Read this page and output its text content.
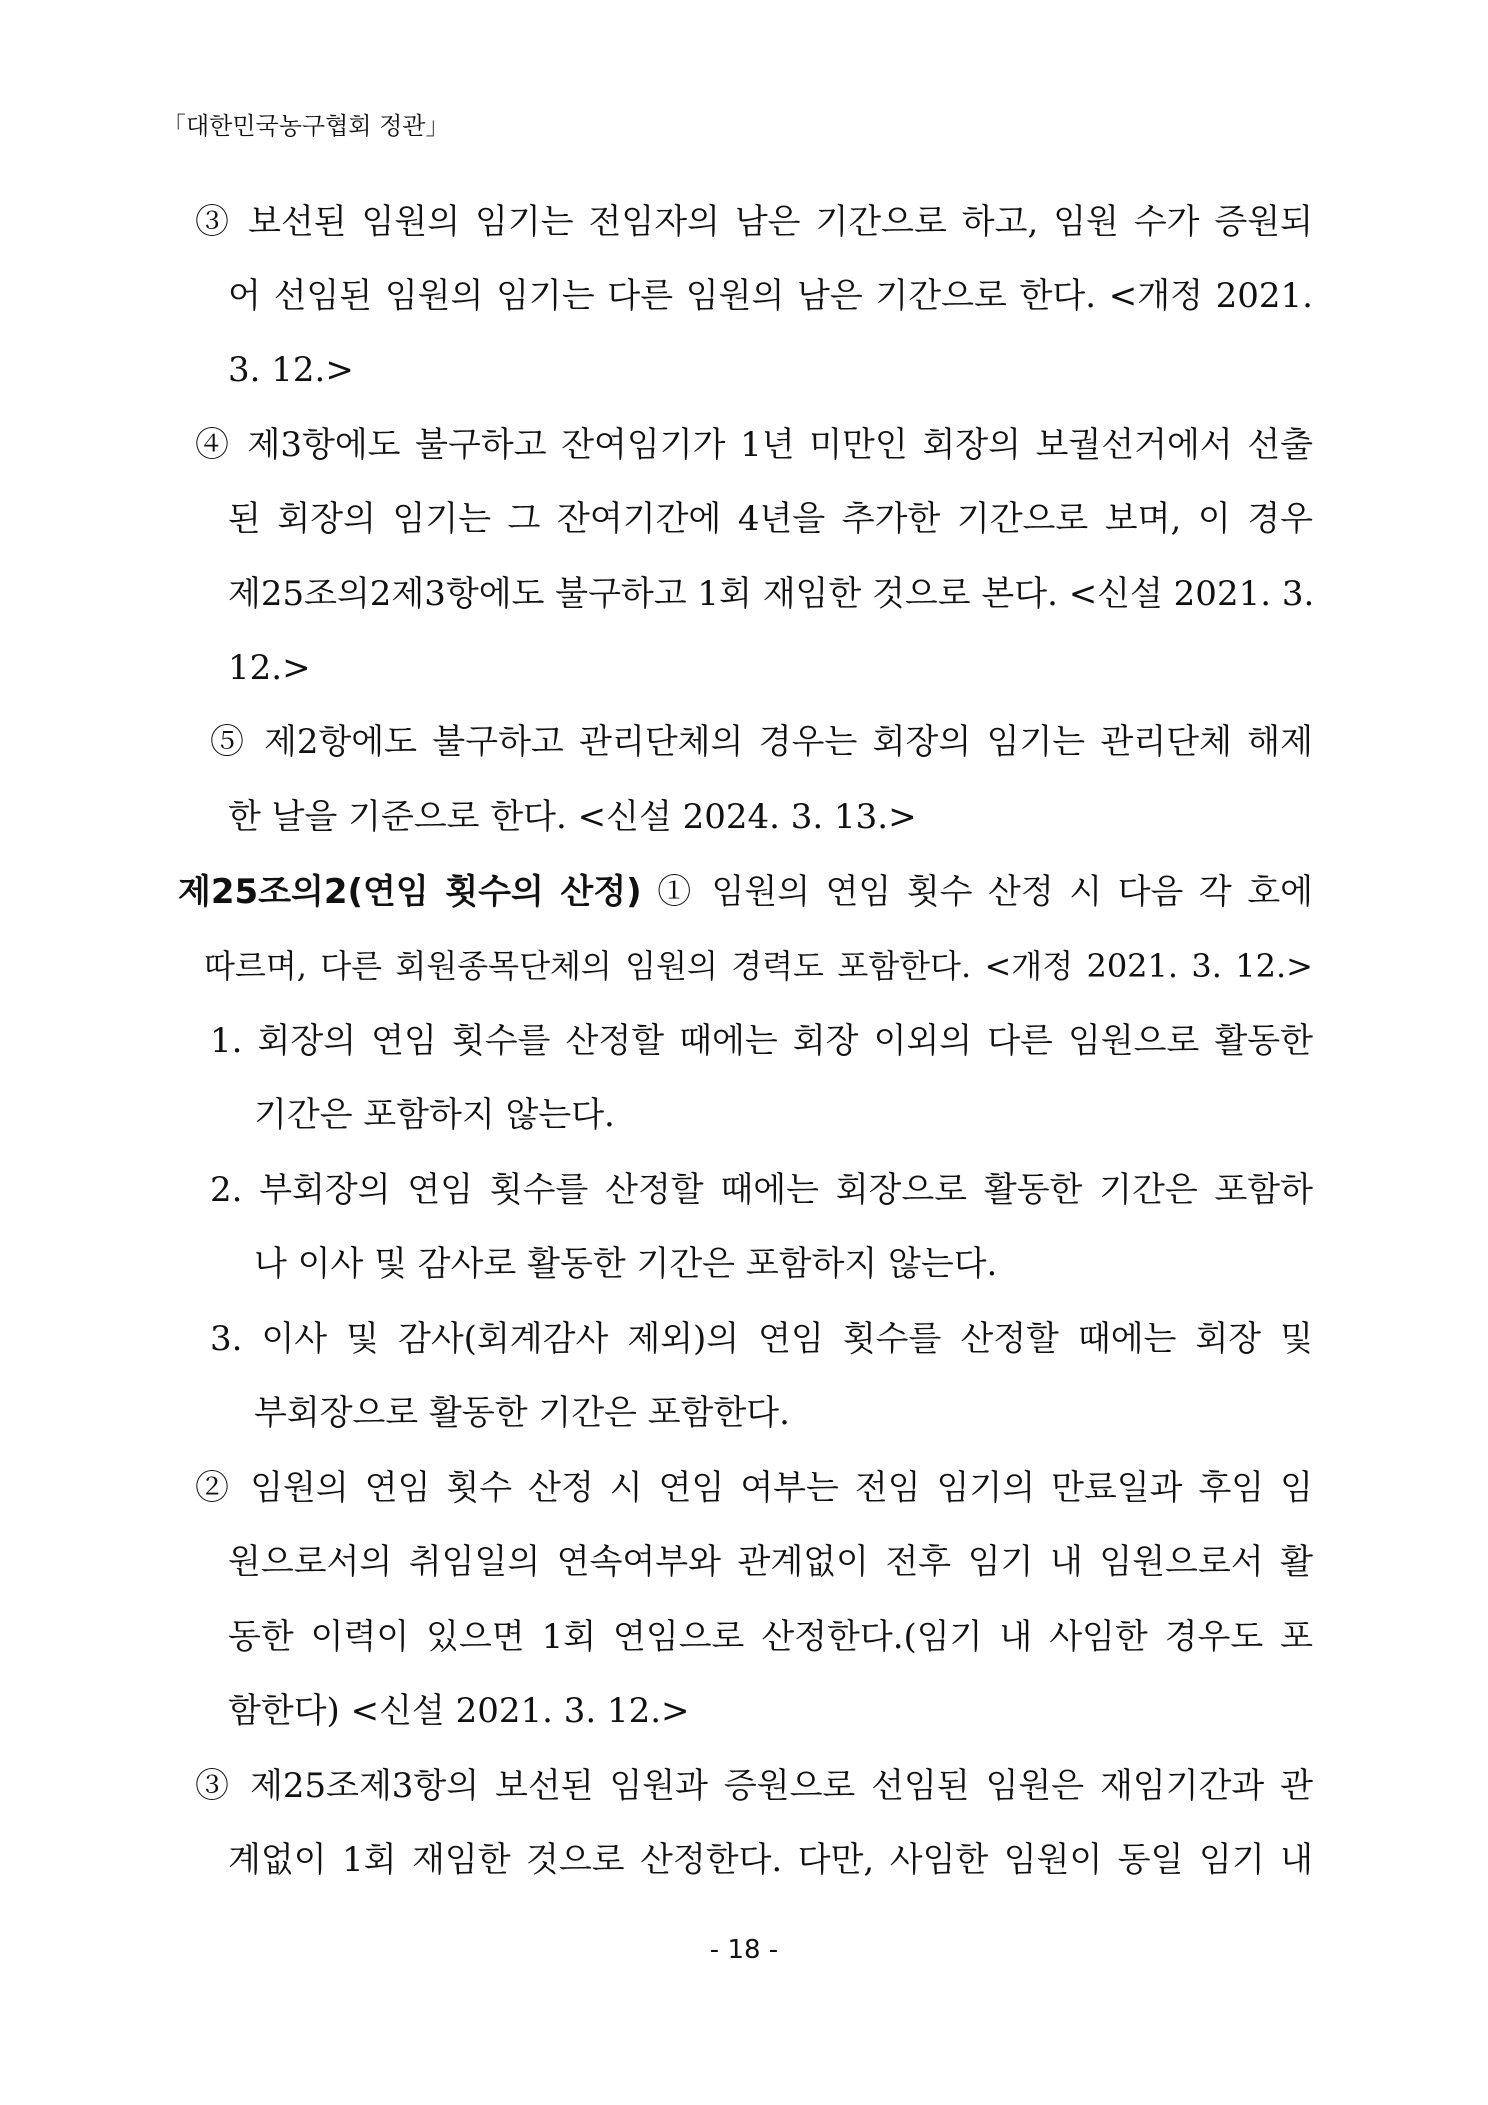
「대한민국농구협회 정관」
③ 보선된 임원의 임기는 전임자의 남은 기간으로 하고, 임원 수가 증원되
어 선임된 임원의 임기는 다른 임원의 남은 기간으로 한다. <개정 2021.
3. 12.>
④ 제3항에도 불구하고 잔여임기가 1년 미만인 회장의 보궐선거에서 선출
된 회장의 임기는 그 잔여기간에 4년을 추가한 기간으로 보며, 이 경우
제25조의2제3항에도 불구하고 1회 재임한 것으로 본다. <신설 2021. 3.
12.>
⑤ 제2항에도 불구하고 관리단체의 경우는 회장의 임기는 관리단체 해제
한 날을 기준으로 한다. <신설 2024. 3. 13.>
제25조의2(연임 횟수의 산정) ① 임원의 연임 횟수 산정 시 다음 각 호에
따르며, 다른 회원종목단체의 임원의 경력도 포함한다. <개정 2021. 3. 12.>
1. 회장의 연임 횟수를 산정할 때에는 회장 이외의 다른 임원으로 활동한
기간은 포함하지 않는다.
2. 부회장의 연임 횟수를 산정할 때에는 회장으로 활동한 기간은 포함하
나 이사 및 감사로 활동한 기간은 포함하지 않는다.
3. 이사 및 감사(회계감사 제외)의 연임 횟수를 산정할 때에는 회장 및
부회장으로 활동한 기간은 포함한다.
② 임원의 연임 횟수 산정 시 연임 여부는 전임 임기의 만료일과 후임 임
원으로서의 취임일의 연속여부와 관계없이 전후 임기 내 임원으로서 활
동한 이력이 있으면 1회 연임으로 산정한다.(임기 내 사임한 경우도 포
함한다) <신설 2021. 3. 12.>
③ 제25조제3항의 보선된 임원과 증원으로 선임된 임원은 재임기간과 관
계없이 1회 재임한 것으로 산정한다. 다만, 사임한 임원이 동일 임기 내
- 18 -
